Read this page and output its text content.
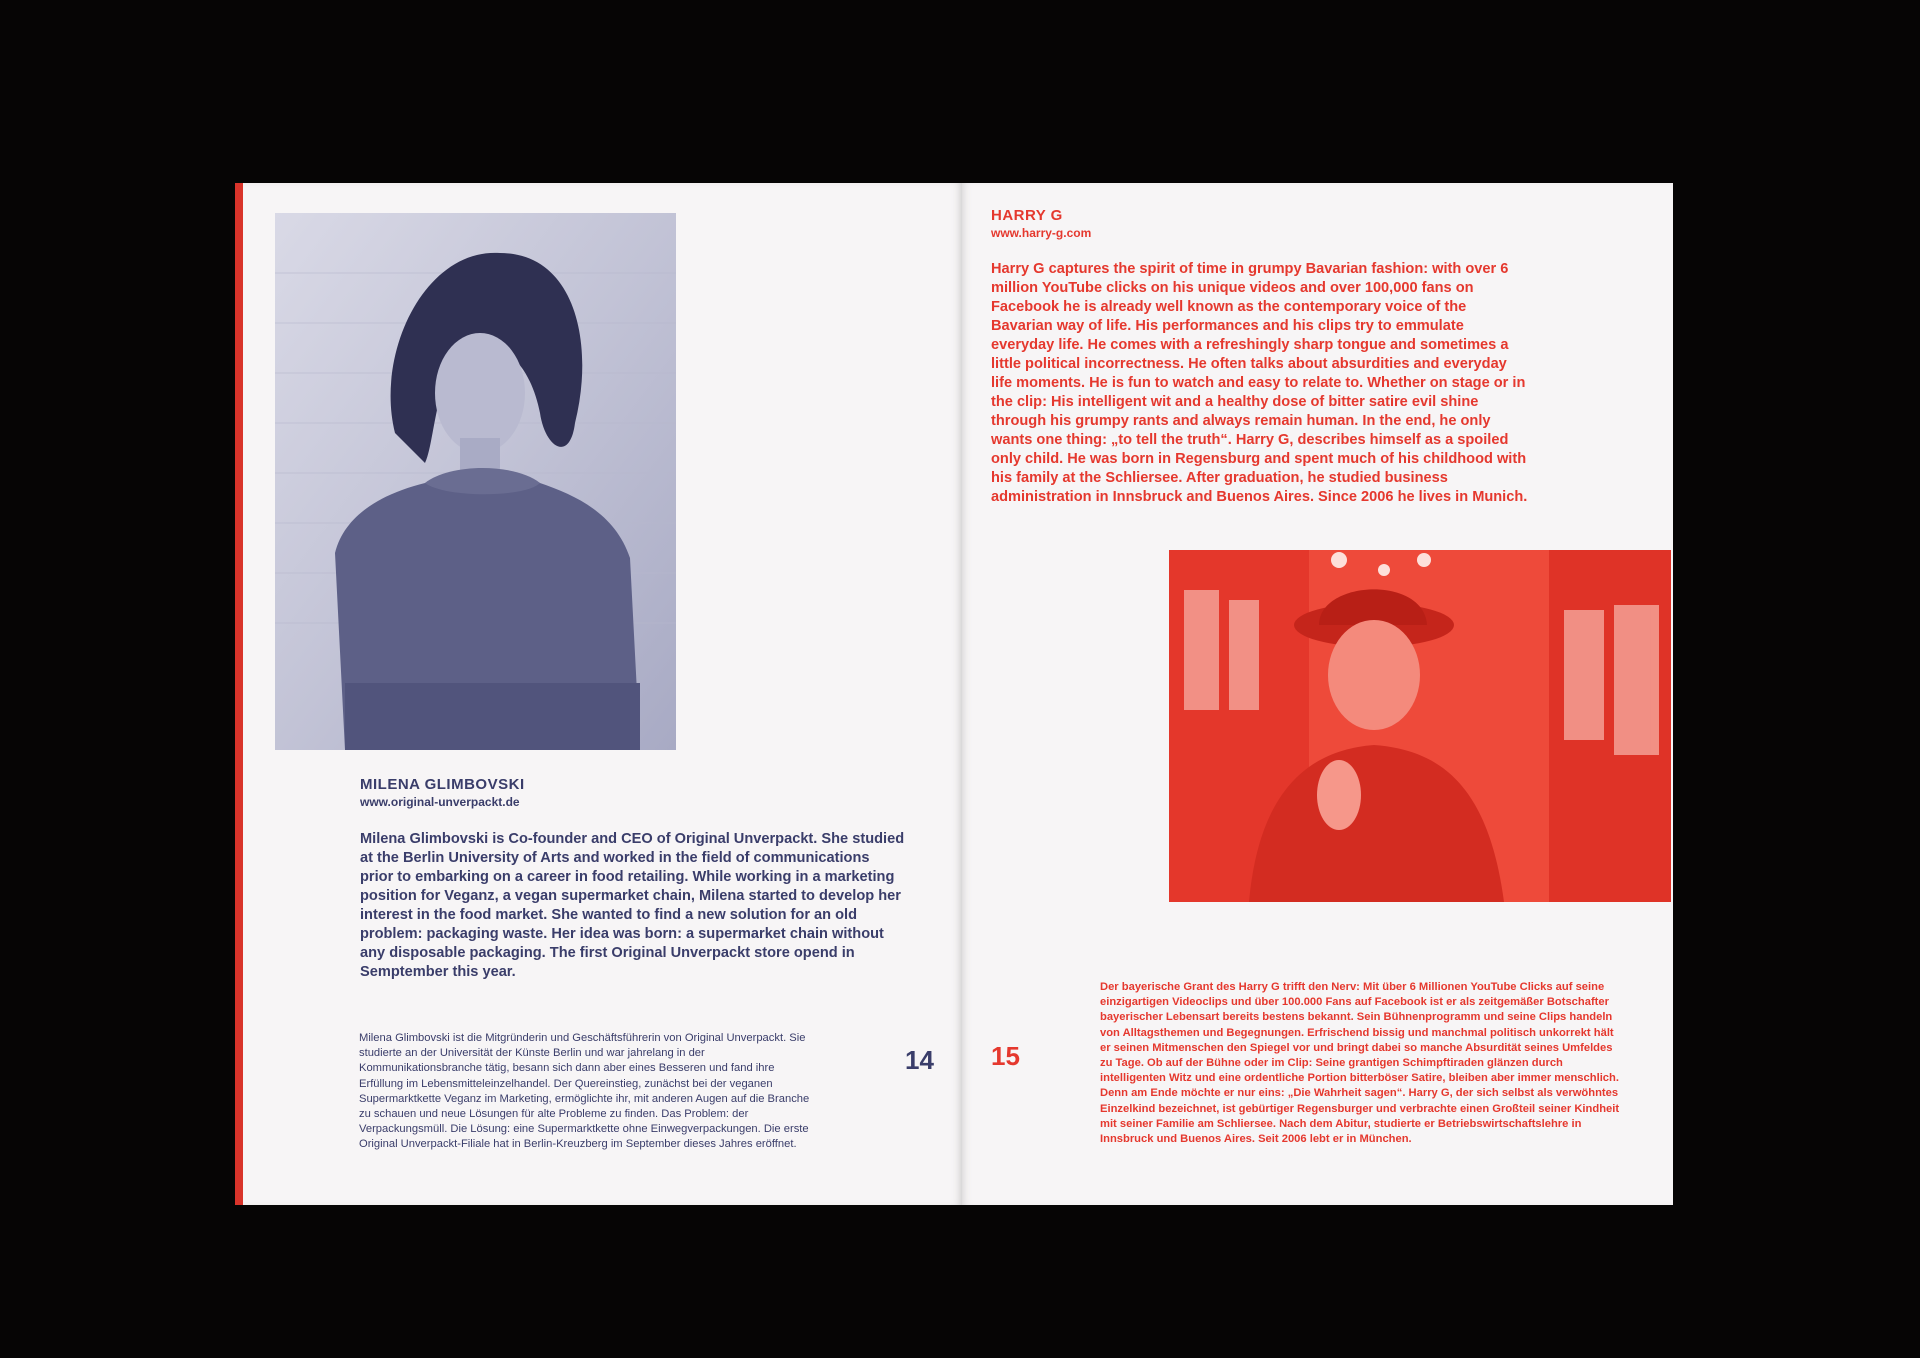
MILENA GLIMBOVSKI
www.original-unverpackt.de

Milena Glimbovski is Co-founder and CEO of Original Unverpackt. She studied at the Berlin University of Arts and worked in the field of communications prior to embarking on a career in food retailing. While working in a marketing position for Veganz, a vegan supermarket chain, Milena started to develop her interest in the food market. She wanted to find a new solution for an old problem: packaging waste. Her idea was born: a supermarket chain without any disposable packaging. The first Original Unverpackt store opend in Semptember this year.

Milena Glimbovski ist die Mitgründerin und Geschäftsführerin von Original Unverpackt. Sie studierte an der Universität der Künste Berlin und war jahrelang in der Kommunikationsbranche tätig, besann sich dann aber eines Besseren und fand ihre Erfüllung im Lebensmitteleinzelhandel. Der Quereinstieg, zunächst bei der veganen Supermarktkette Veganz im Marketing, ermöglichte ihr, mit anderen Augen auf die Branche zu schauen und neue Lösungen für alte Probleme zu finden. Das Problem: der Verpackungsmüll. Die Lösung: eine Supermarktkette ohne Einwegverpackungen. Die erste Original Unverpackt-Filiale hat in Berlin-Kreuzberg im September dieses Jahres eröffnet.

14
HARRY G
www.harry-g.com

Harry G captures the spirit of time in grumpy Bavarian fashion: with over 6 million YouTube clicks on his unique videos and over 100,000 fans on Facebook he is already well known as the contemporary voice of the Bavarian way of life. His performances and his clips try to emmulate everyday life. He comes with a refreshingly sharp tongue and sometimes a little political incorrectness. He often talks about absurdities and everyday life moments. He is fun to watch and easy to relate to. Whether on stage or in the clip: His intelligent wit and a healthy dose of bitter satire evil shine through his grumpy rants and always remain human. In the end, he only wants one thing: „to tell the truth“. Harry G, describes himself as a spoiled only child. He was born in Regensburg and spent much of his childhood with his family at the Schliersee. After graduation, he studied business administration in Innsbruck and Buenos Aires. Since 2006 he lives in Munich.

Der bayerische Grant des Harry G trifft den Nerv: Mit über 6 Millionen YouTube Clicks auf seine einzigartigen Videoclips und über 100.000 Fans auf Facebook ist er als zeitgemäßer Botschafter bayerischer Lebensart bereits bestens bekannt. Sein Bühnenprogramm und seine Clips handeln von Alltagsthemen und Begegnungen. Erfrischend bissig und manchmal politisch unkorrekt hält er seinen Mitmenschen den Spiegel vor und bringt dabei so manche Absurdität seines Umfeldes zu Tage. Ob auf der Bühne oder im Clip: Seine grantigen Schimpftiraden glänzen durch intelligenten Witz und eine ordentliche Portion bitterböser Satire, bleiben aber immer menschlich. Denn am Ende möchte er nur eins: „Die Wahrheit sagen“. Harry G, der sich selbst als verwöhntes Einzelkind bezeichnet, ist gebürtiger Regensburger und verbrachte einen Großteil seiner Kindheit mit seiner Familie am Schliersee. Nach dem Abitur, studierte er Betriebswirtschaftslehre in Innsbruck und Buenos Aires. Seit 2006 lebt er in München.

15
